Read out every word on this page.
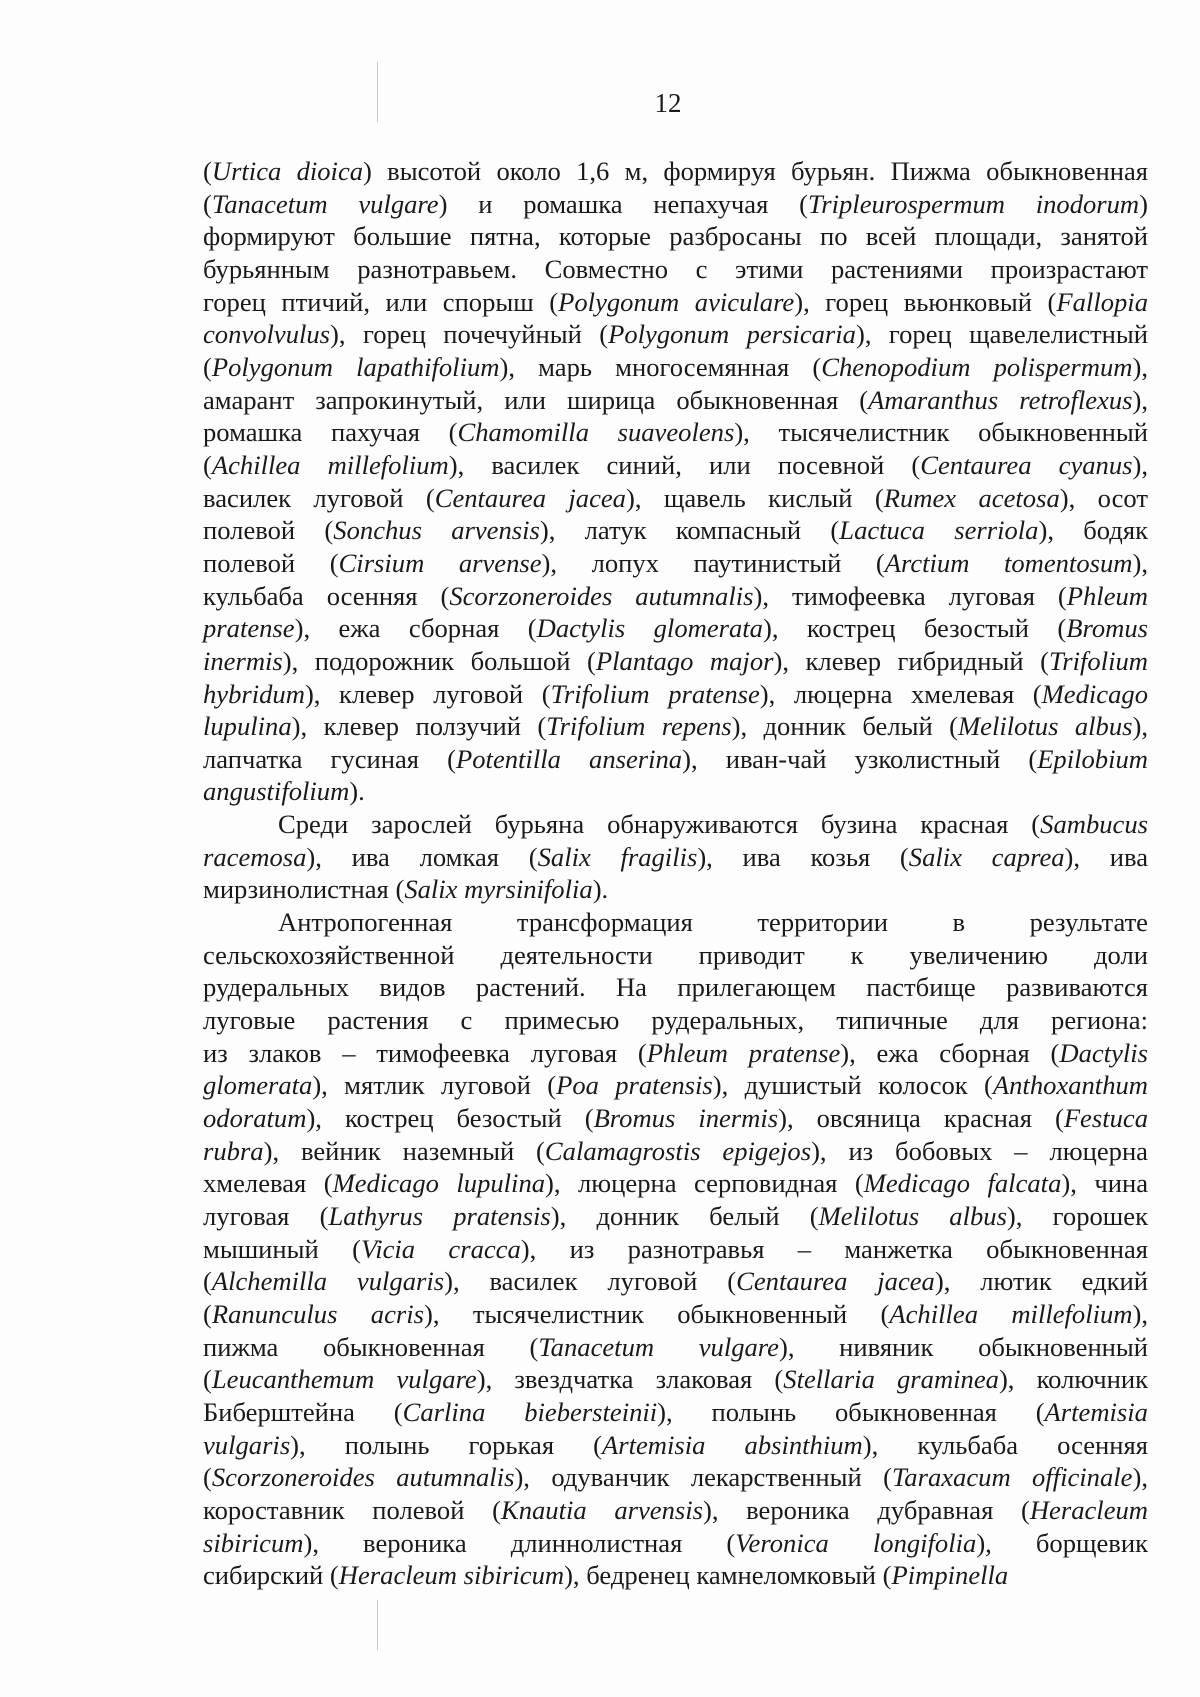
12

(Urtica dioica) высотой около 1,6 м, формируя бурьян. Пижма обыкновенная
(Tanacetum vulgare) и ромашка непахучая (Tripleurospermum inodorum)
формируют большие пятна, которые разбросаны по всей площади, занятой
бурьянным разнотравьем. Совместно с этими растениями произрастают
горец птичий, или спорыш (Polygonum aviculare), горец вьюнковый (Fallopia
convolvulus), горец почечуйный (Polygonum persicaria), горец щавелелистный
(Polygonum lapathifolium), марь многосемянная (Chenopodium polispermum),
амарант запрокинутый, или ширица обыкновенная (Amaranthus retroflexus),
ромашка пахучая (Chamomilla suaveolens), тысячелистник обыкновенный
(Achillea millefolium), василек синий, или посевной (Centaurea cyanus),
василек луговой (Centaurea jacea), щавель кислый (Rumex acetosa), осот
полевой (Sonchus arvensis), латук компасный (Lactuca serriola), бодяк
полевой (Cirsium arvense), лопух паутинистый (Arctium tomentosum),
кульбаба осенняя (Scorzoneroides autumnalis), тимофеевка луговая (Phleum
pratense), ежа сборная (Dactylis glomerata), кострец безостый (Bromus
inermis), подорожник большой (Plantago major), клевер гибридный (Trifolium
hybridum), клевер луговой (Trifolium pratense), люцерна хмелевая (Medicago
lupulina), клевер ползучий (Trifolium repens), донник белый (Melilotus albus),
лапчатка гусиная (Potentilla anserina), иван-чай узколистный (Epilobium
angustifolium).

Среди зарослей бурьяна обнаруживаются бузина красная (Sambucus
racemosa), ива ломкая (Salix fragilis), ива козья (Salix caprea), ива
мирзинолистная (Salix myrsinifolia).

Антропогенная трансформация территории в результате
сельскохозяйственной деятельности приводит к увеличению доли
рудеральных видов растений. На прилегающем пастбище развиваются
луговые растения с примесью рудеральных, типичные для региона:
из злаков – тимофеевка луговая (Phleum pratense), ежа сборная (Dactylis
glomerata), мятлик луговой (Poa pratensis), душистый колосок (Anthoxanthum
odoratum), кострец безостый (Bromus inermis), овсяница красная (Festuca
rubra), вейник наземный (Calamagrostis epigejos), из бобовых – люцерна
хмелевая (Medicago lupulina), люцерна серповидная (Medicago falcata), чина
луговая (Lathyrus pratensis), донник белый (Melilotus albus), горошек
мышиный (Vicia cracca), из разнотравья – манжетка обыкновенная
(Alchemilla vulgaris), василек луговой (Centaurea jacea), лютик едкий
(Ranunculus acris), тысячелистник обыкновенный (Achillea millefolium),
пижма обыкновенная (Tanacetum vulgare), нивяник обыкновенный
(Leucanthemum vulgare), звездчатка злаковая (Stellaria graminea), колючник
Биберштейна (Carlina biebersteinii), полынь обыкновенная (Artemisia
vulgaris), полынь горькая (Artemisia absinthium), кульбаба осенняя
(Scorzoneroides autumnalis), одуванчик лекарственный (Taraxacum officinale),
короставник полевой (Knautia arvensis), вероника дубравная (Heracleum
sibiricum), вероника длиннолистная (Veronica longifolia), борщевик
сибирский (Heracleum sibiricum), бедренец камнеломковый (Pimpinella
